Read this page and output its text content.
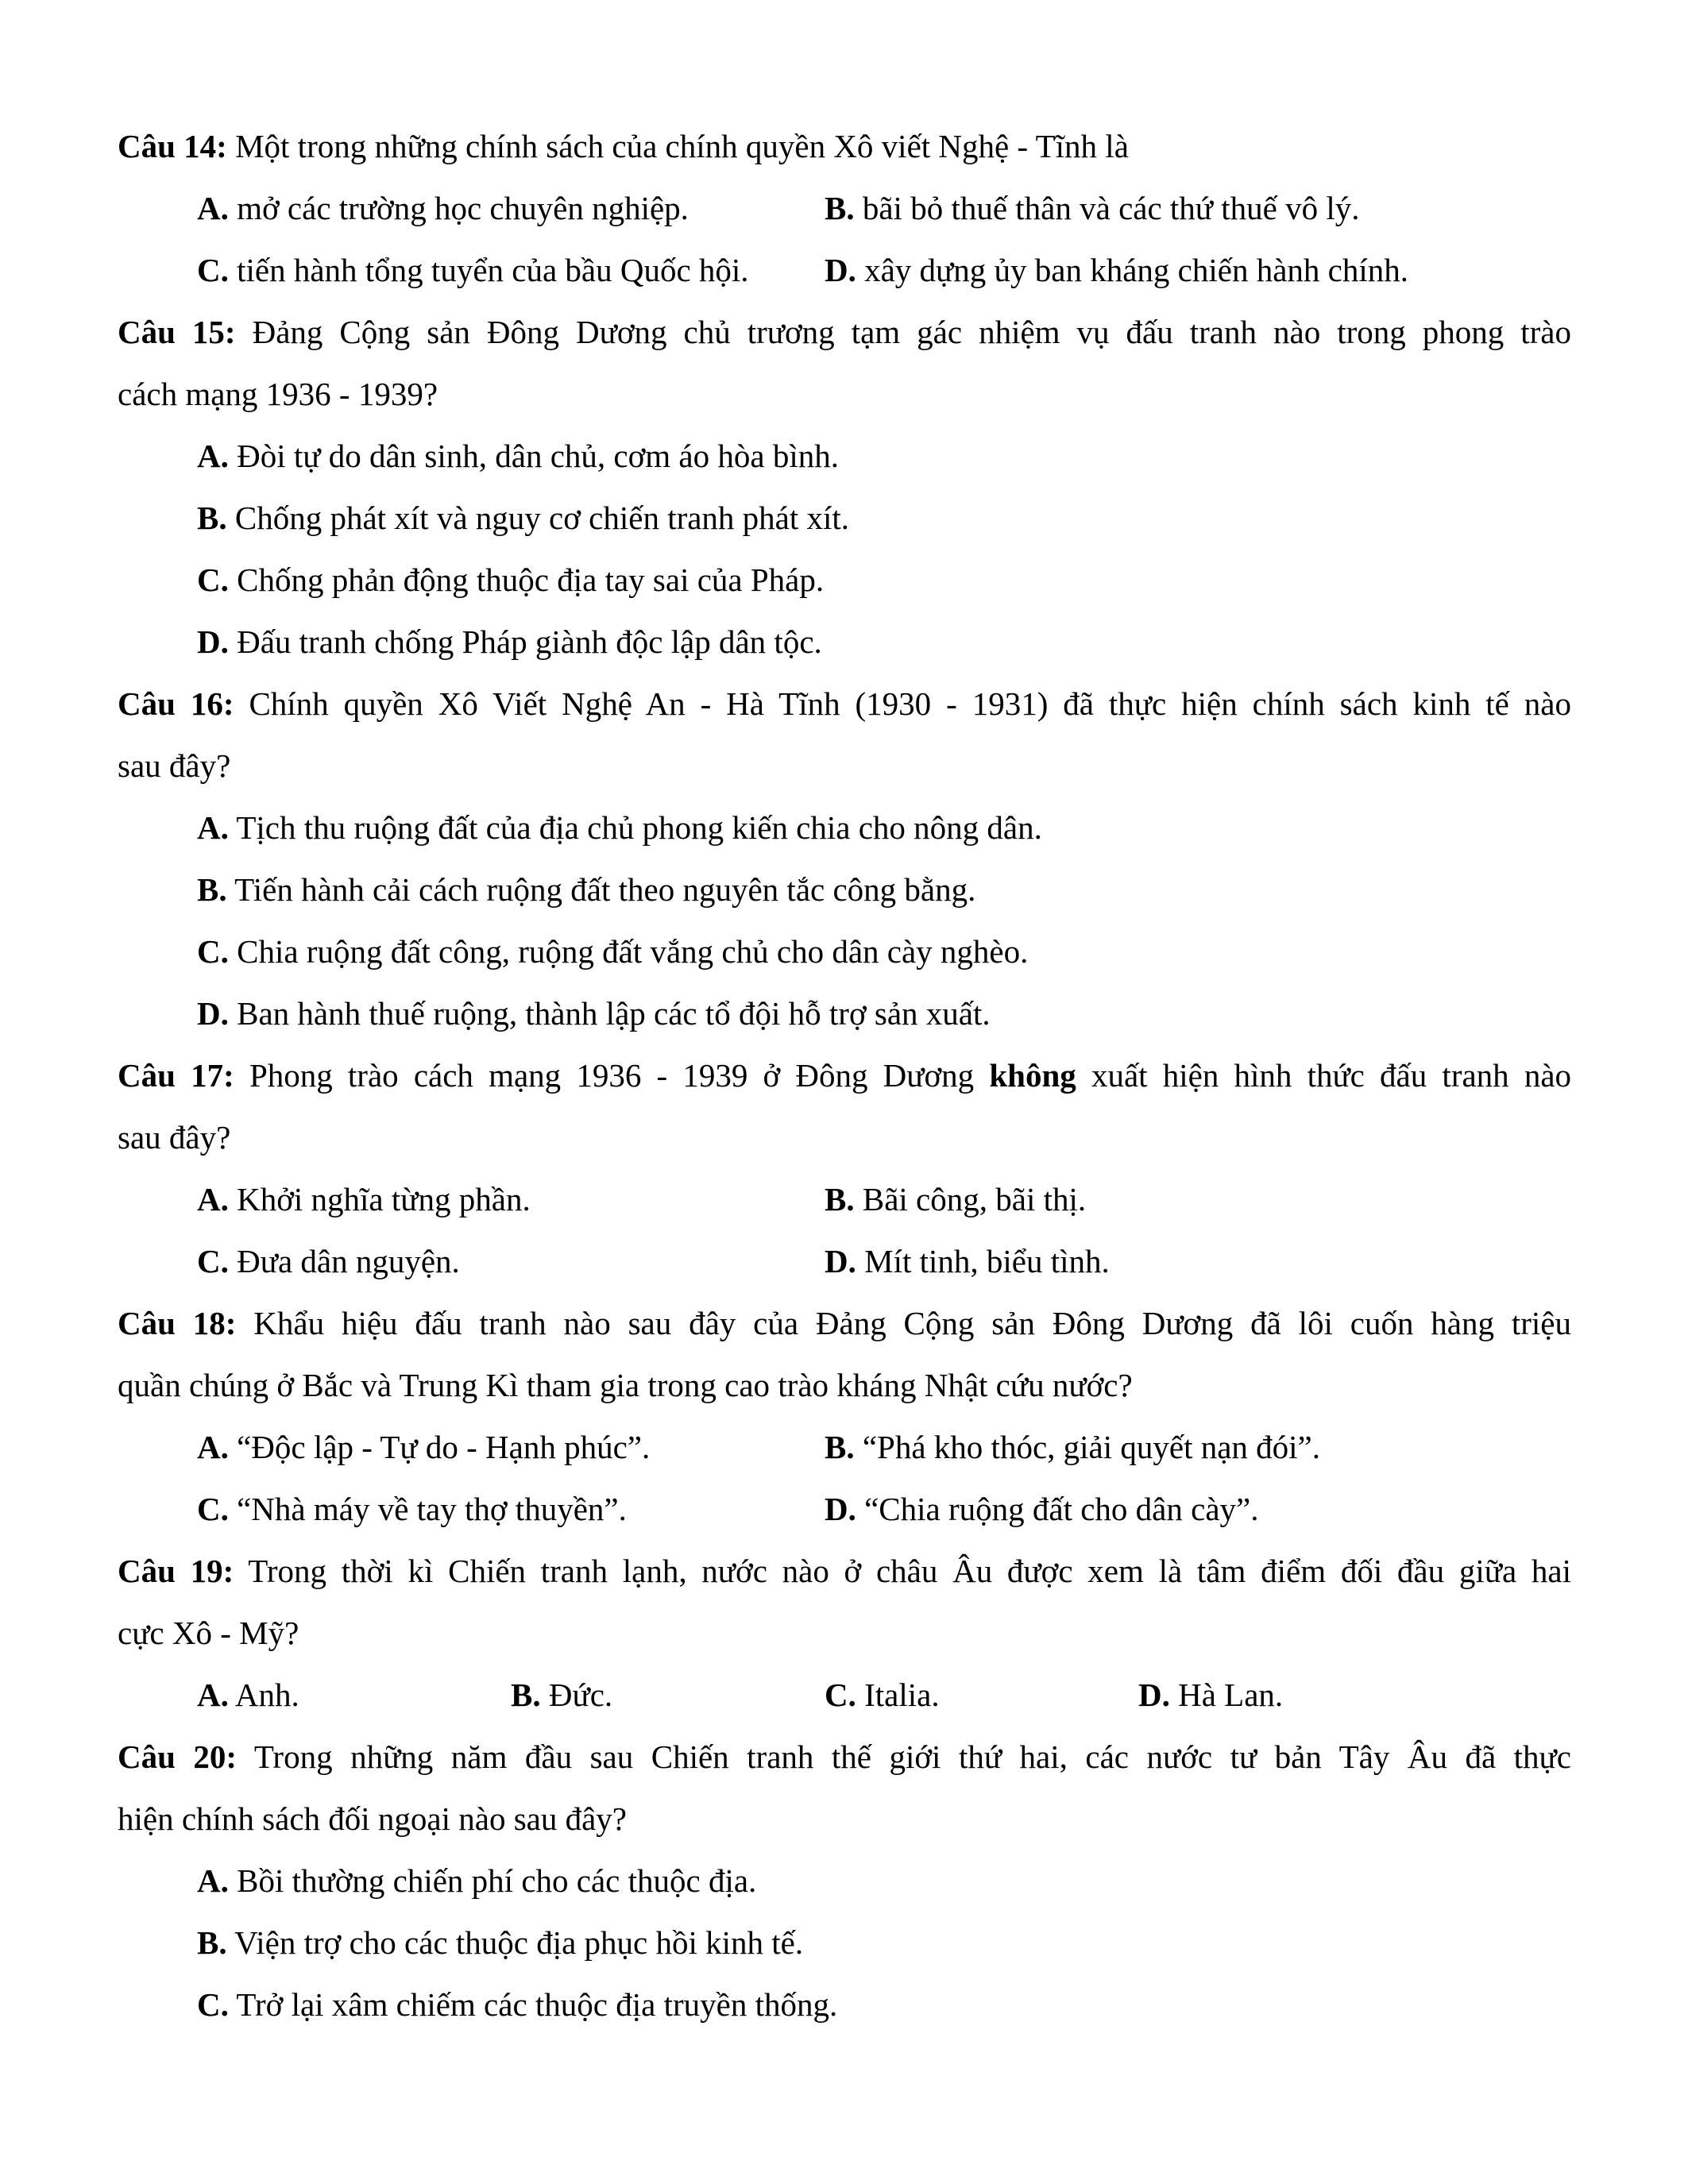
Câu 14: Một trong những chính sách của chính quyền Xô viết Nghệ - Tĩnh là
A. mở các trường học chuyên nghiệp.	B. bãi bỏ thuế thân và các thứ thuế vô lý.
C. tiến hành tổng tuyển của bầu Quốc hội.	D. xây dựng ủy ban kháng chiến hành chính.
Câu 15: Đảng Cộng sản Đông Dương chủ trương tạm gác nhiệm vụ đấu tranh nào trong phong trào
cách mạng 1936 - 1939?
A. Đòi tự do dân sinh, dân chủ, cơm áo hòa bình.
B. Chống phát xít và nguy cơ chiến tranh phát xít.
C. Chống phản động thuộc địa tay sai của Pháp.
D. Đấu tranh chống Pháp giành độc lập dân tộc.
Câu 16: Chính quyền Xô Viết Nghệ An - Hà Tĩnh (1930 - 1931) đã thực hiện chính sách kinh tế nào
sau đây?
A. Tịch thu ruộng đất của địa chủ phong kiến chia cho nông dân.
B. Tiến hành cải cách ruộng đất theo nguyên tắc công bằng.
C. Chia ruộng đất công, ruộng đất vắng chủ cho dân cày nghèo.
D. Ban hành thuế ruộng, thành lập các tổ đội hỗ trợ sản xuất.
Câu 17: Phong trào cách mạng 1936 - 1939 ở Đông Dương không xuất hiện hình thức đấu tranh nào
sau đây?
A. Khởi nghĩa từng phần.	B. Bãi công, bãi thị.
C. Đưa dân nguyện.	D. Mít tinh, biểu tình.
Câu 18: Khẩu hiệu đấu tranh nào sau đây của Đảng Cộng sản Đông Dương đã lôi cuốn hàng triệu
quần chúng ở Bắc và Trung Kì tham gia trong cao trào kháng Nhật cứu nước?
A. “Độc lập - Tự do - Hạnh phúc”.	B. “Phá kho thóc, giải quyết nạn đói”.
C. “Nhà máy về tay thợ thuyền”.	D. “Chia ruộng đất cho dân cày”.
Câu 19: Trong thời kì Chiến tranh lạnh, nước nào ở châu Âu được xem là tâm điểm đối đầu giữa hai
cực Xô - Mỹ?
A. Anh.	B. Đức.	C. Italia.	D. Hà Lan.
Câu 20: Trong những năm đầu sau Chiến tranh thế giới thứ hai, các nước tư bản Tây Âu đã thực
hiện chính sách đối ngoại nào sau đây?
A. Bồi thường chiến phí cho các thuộc địa.
B. Viện trợ cho các thuộc địa phục hồi kinh tế.
C. Trở lại xâm chiếm các thuộc địa truyền thống.
